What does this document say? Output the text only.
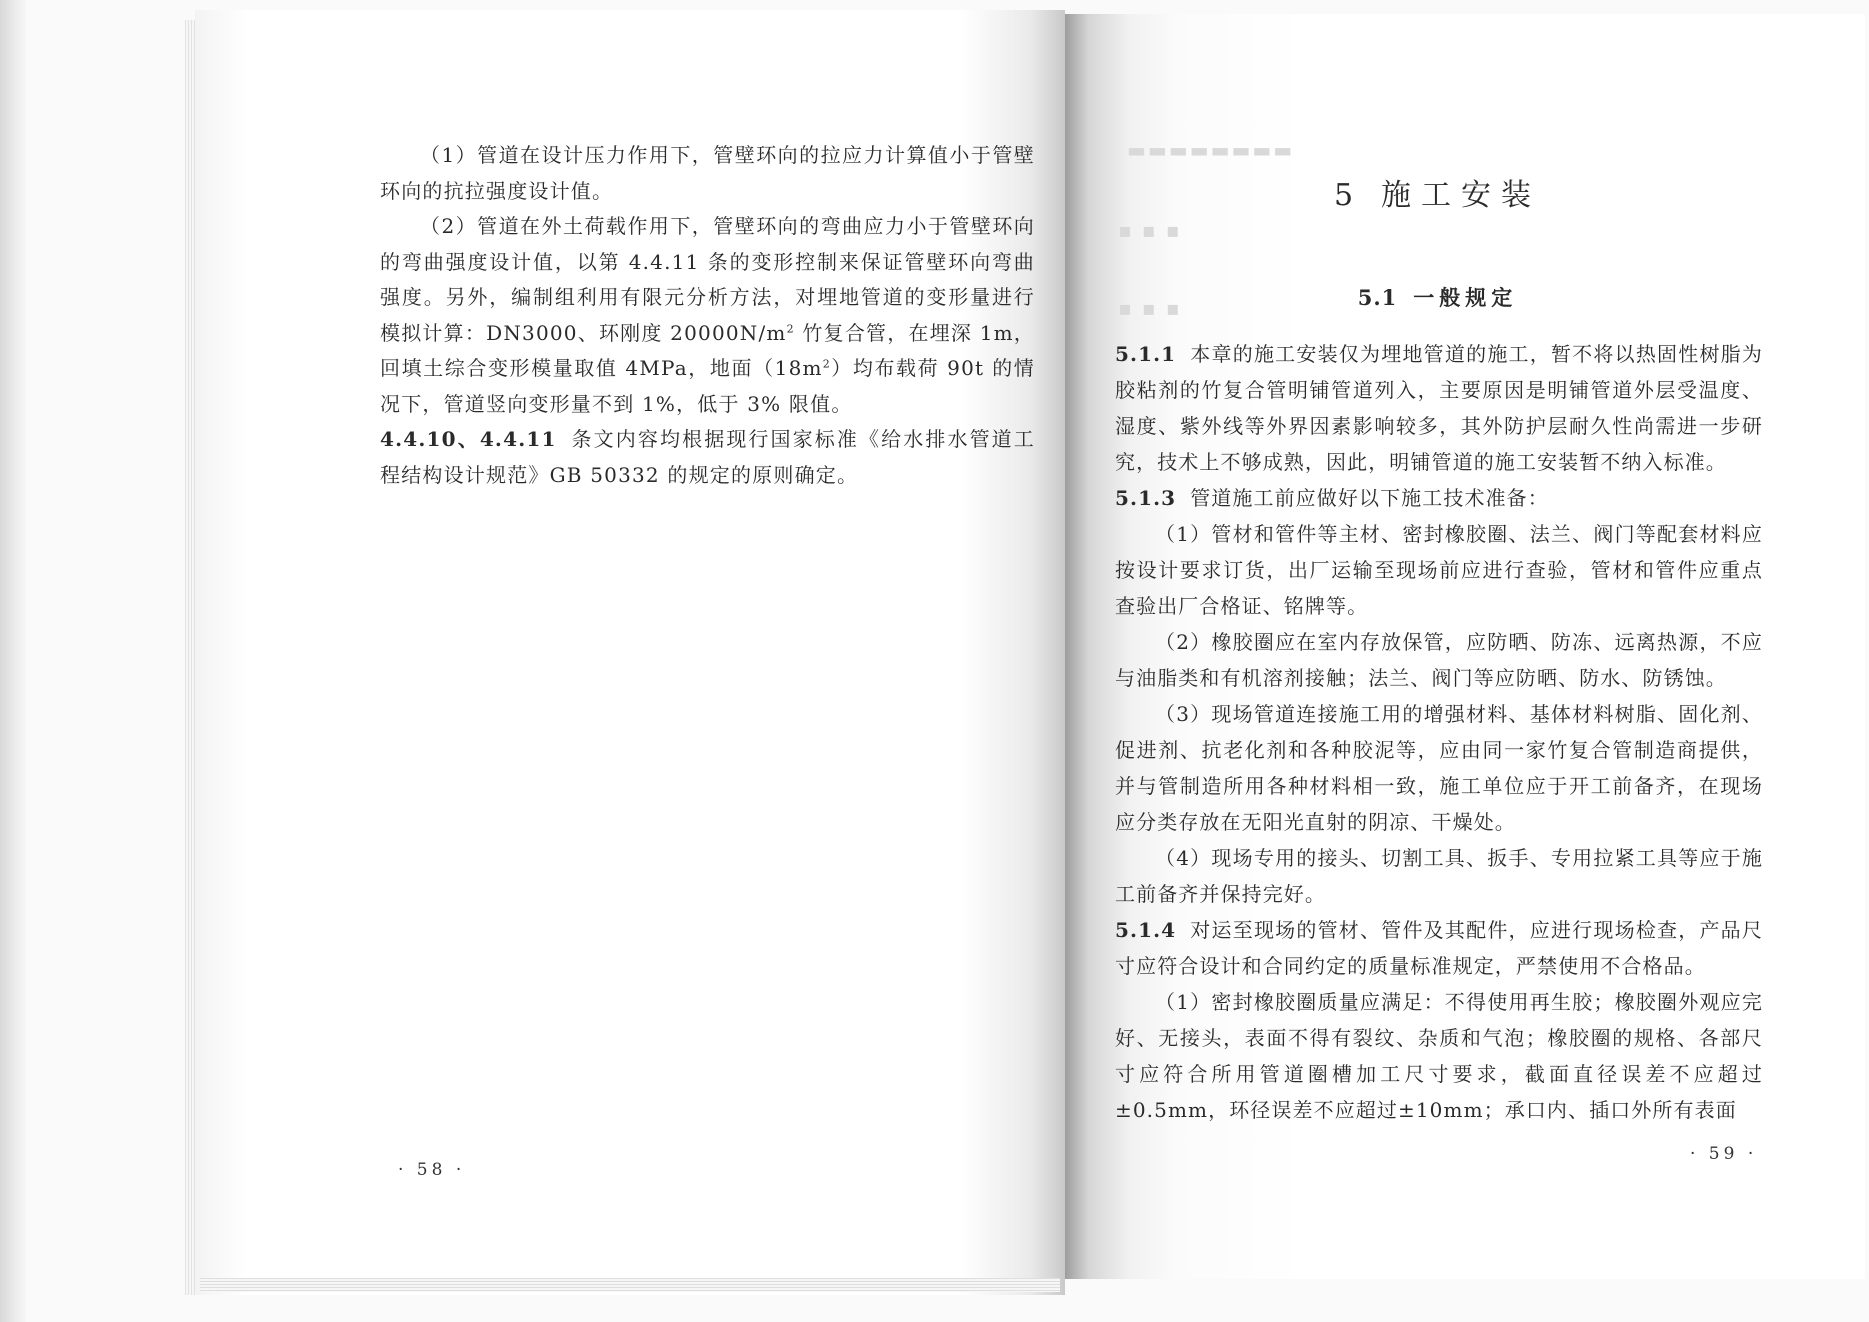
▬▬▬▬▬▬▬▬
▪ ▪ ▪
▪ ▪ ▪

（1）管道在设计压力作用下，管壁环向的拉应力计算值小于管壁环向的抗拉强度设计值。

（2）管道在外土荷载作用下，管壁环向的弯曲应力小于管壁环向的弯曲强度设计值，以第 4.4.11 条的变形控制来保证管壁环向弯曲强度。另外，编制组利用有限元分析方法，对埋地管道的变形量进行模拟计算：DN3000、环刚度 $20000N/m^2$ 竹复合管，在埋深 1m，回填土综合变形模量取值 4MPa，地面$(18m^2)$均布载荷 90t 的情况下，管道竖向变形量不到 1%，低于 3% 限值。

4.4.10、4.4.11 条文内容均根据现行国家标准《给水排水管道工程结构设计规范》GB 50332 的规定的原则确定。

· 58 ·
5 施工安装
5.1 一般规定

5.1.1 本章的施工安装仅为埋地管道的施工，暂不将以热固性树脂为胶粘剂的竹复合管明铺管道列入，主要原因是明铺管道外层受温度、湿度、紫外线等外界因素影响较多，其外防护层耐久性尚需进一步研究，技术上不够成熟，因此，明铺管道的施工安装暂不纳入标准。

5.1.3 管道施工前应做好以下施工技术准备：

（1）管材和管件等主材、密封橡胶圈、法兰、阀门等配套材料应按设计要求订货，出厂运输至现场前应进行查验，管材和管件应重点查验出厂合格证、铭牌等。

（2）橡胶圈应在室内存放保管，应防晒、防冻、远离热源，不应与油脂类和有机溶剂接触；法兰、阀门等应防晒、防水、防锈蚀。

（3）现场管道连接施工用的增强材料、基体材料树脂、固化剂、促进剂、抗老化剂和各种胶泥等，应由同一家竹复合管制造商提供，并与管制造所用各种材料相一致，施工单位应于开工前备齐，在现场应分类存放在无阳光直射的阴凉、干燥处。

（4）现场专用的接头、切割工具、扳手、专用拉紧工具等应于施工前备齐并保持完好。

5.1.4 对运至现场的管材、管件及其配件，应进行现场检查，产品尺寸应符合设计和合同约定的质量标准规定，严禁使用不合格品。

（1）密封橡胶圈质量应满足：不得使用再生胶；橡胶圈外观应完好、无接头，表面不得有裂纹、杂质和气泡；橡胶圈的规格、各部尺寸应符合所用管道圈槽加工尺寸要求，截面直径误差不应超过±0.5mm，环径误差不应超过±10mm；承口内、插口外所有表面

· 59 ·
